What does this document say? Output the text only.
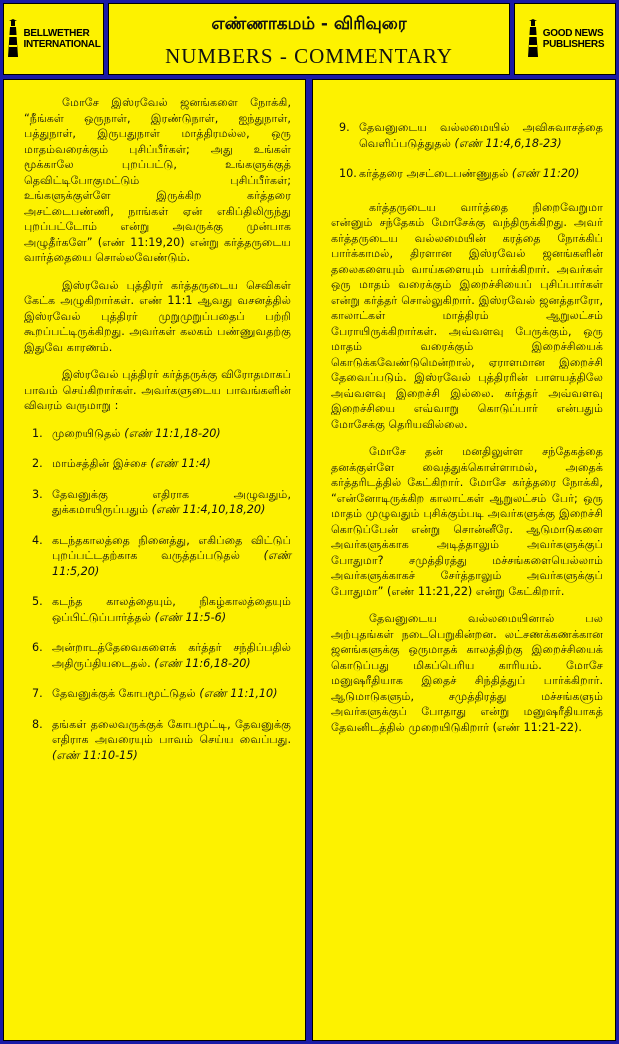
BELLWETHER
INTERNATIONAL
எண்ணாகமம் - விரிவுரை
NUMBERS - COMMENTARY
GOOD NEWS
PUBLISHERS

மோசே இஸ்ரவேல் ஜனங்களை நோக்கி, “நீங்கள் ஒருநாள், இரண்டுநாள், ஐந்துநாள், பத்துநாள், இருபதுநாள் மாத்திரமல்ல, ஒரு மாதம்வரைக்கும் புசிப்பீர்கள்; அது உங்கள் மூக்காலே புறப்பட்டு, உங்களுக்குத் தெவிட்டிபோகுமட்டும் புசிப்பீர்கள்; உங்களுக்குள்ளே இருக்கிற கர்த்தரை அசட்டைபண்ணி, நாங்கள் ஏன் எகிப்திலிருந்து புறப்பட்டோம் என்று அவருக்கு முன்பாக அழுதீர்களே” (எண் 11:19,20) என்று கர்த்தருடைய வார்த்தையை சொல்லவேண்டும்.

இஸ்ரவேல் புத்திரர் கர்த்தருடைய செவிகள் கேட்க அழுகிறார்கள். எண் 11:1 ஆவது வசனத்தில் இஸ்ரவேல் புத்திரர் முறுமுறுப்பதைப் பற்றி கூறப்பட்டிருக்கிறது. அவர்கள் கலகம் பண்ணுவதற்கு இதுவே காரணம்.

இஸ்ரவேல் புத்திரர் கர்த்தருக்கு விரோதமாகப் பாவம் செய்கிறார்கள். அவர்களுடைய பாவங்களின் விவரம் வருமாறு :

1. முறையிடுதல் (எண் 11:1,18-20)
2. மாம்சத்தின் இச்சை (எண் 11:4)
3. தேவனுக்கு எதிராக அழுவதும், துக்கமாயிருப்பதும் (எண் 11:4,10,18,20)
4. கடந்தகாலத்தை நினைத்து, எகிப்தை விட்டுப் புறப்பட்டதற்காக வருத்தப்படுதல் (எண் 11:5,20)
5. கடந்த காலத்தையும், நிகழ்காலத்தையும் ஒப்பிட்டுப்பார்த்தல் (எண் 11:5-6)
6. அன்றாடத்தேவைகளைக் கர்த்தர் சந்திப்பதில் அதிருப்தியடைதல். (எண் 11:6,18-20)
7. தேவனுக்குக் கோபமூட்டுதல் (எண் 11:1,10)
8. தங்கள் தலைவருக்குக் கோபமூட்டி, தேவனுக்கு எதிராக அவரையும் பாவம் செய்ய வைப்பது. (எண் 11:10-15)
9. தேவனுடைய வல்லமையில் அவிசுவாசத்தை வெளிப்படுத்துதல் (எண் 11:4,6,18-23)
10. கர்த்தரை அசட்டைபண்ணுதல் (எண் 11:20)

கர்த்தருடைய வார்த்தை நிறைவேறுமா என்னும் சந்தேகம் மோசேக்கு வந்திருக்கிறது. அவர் கர்த்தருடைய வல்லமையின் கரத்தை நோக்கிப் பார்க்காமல், திரளான இஸ்ரவேல் ஜனங்களின் தலைகளையும் வாய்களையும் பார்க்கிறார். அவர்கள் ஒரு மாதம் வரைக்கும் இறைச்சியைப் புசிப்பார்கள் என்று கர்த்தர் சொல்லுகிறார். இஸ்ரவேல் ஜனத்தாரோ, காலாட்கள் மாத்திரம் ஆறுலட்சம் பேராயிருக்கிறார்கள். அவ்வளவு பேருக்கும், ஒரு மாதம் வரைக்கும் இறைச்சியைக் கொடுக்கவேண்டுமென்றால், ஏராளமான இறைச்சி தேவைப்படும். இஸ்ரவேல் புத்திரரின் பாளயத்திலே அவ்வளவு இறைச்சி இல்லை. கர்த்தர் அவ்வளவு இறைச்சியை எவ்வாறு கொடுப்பார் என்பதும் மோசேக்கு தெரியவில்லை.

மோசே தன் மனதிலுள்ள சந்தேகத்தை தனக்குள்ளே வைத்துக்கொள்ளாமல், அதைக் கர்த்தரிடத்தில் கேட்கிறார். மோசே கர்த்தரை நோக்கி, “என்னோடிருக்கிற காலாட்கள் ஆறுலட்சம் பேர்; ஒரு மாதம் முழுவதும் புசிக்கும்படி அவர்களுக்கு இறைச்சி கொடுப்பேன் என்று சொன்னீரே. ஆடுமாடுகளை அவர்களுக்காக அடித்தாலும் அவர்களுக்குப் போதுமா? சமுத்திரத்து மச்சங்களையெல்லாம் அவர்களுக்காகச் சேர்த்தாலும் அவர்களுக்குப் போதுமா” (எண் 11:21,22) என்று கேட்கிறார்.

தேவனுடைய வல்லமையினால் பல அற்புதங்கள் நடைபெறுகின்றன. லட்சணக்கணக்கான ஜனங்களுக்கு ஒருமாதக் காலத்திற்கு இறைச்சியைக் கொடுப்பது மிகப்பெரிய காரியம். மோசே மனுஷரீதியாக இதைச் சிந்தித்துப் பார்க்கிறார். ஆடுமாடுகளும், சமுத்திரத்து மச்சங்களும் அவர்களுக்குப் போதாது என்று மனுஷரீதியாகத் தேவனிடத்தில் முறையிடுகிறார் (எண் 11:21-22).
